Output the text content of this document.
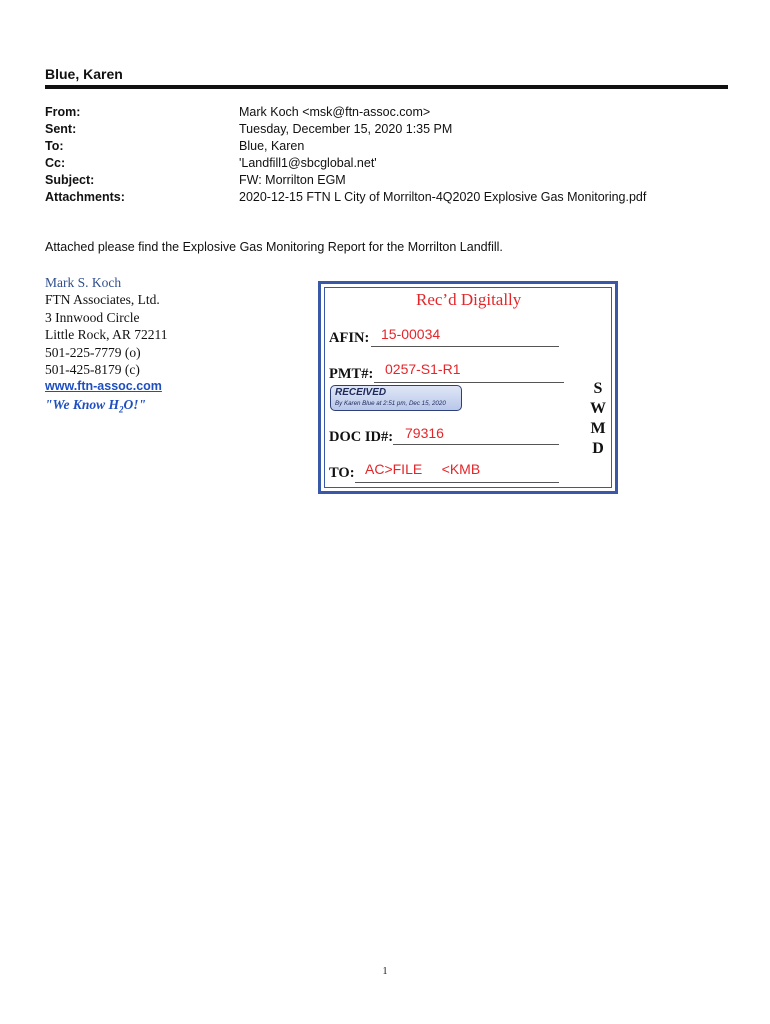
Blue, Karen
From:	Mark Koch <msk@ftn-assoc.com>
Sent:	Tuesday, December 15, 2020 1:35 PM
To:	Blue, Karen
Cc:	'Landfill1@sbcglobal.net'
Subject:	FW: Morrilton EGM
Attachments:	2020-12-15 FTN L City of Morrilton-4Q2020 Explosive Gas Monitoring.pdf
Attached please find the Explosive Gas Monitoring Report for the Morrilton Landfill.
Mark S. Koch
FTN Associates, Ltd.
3 Innwood Circle
Little Rock, AR 72211
501-225-7779 (o)
501-425-8179 (c)
www.ftn-assoc.com
"We Know $H_2O$!"
Rec’d Digitally
AFIN: 15-00034
PMT#: 0257-S1-R1
RECEIVED
By Karen Blue at 2:51 pm, Dec 15, 2020
DOC ID#: 79316
TO: AC>FILE     <KMB
S
W
M
D
1
